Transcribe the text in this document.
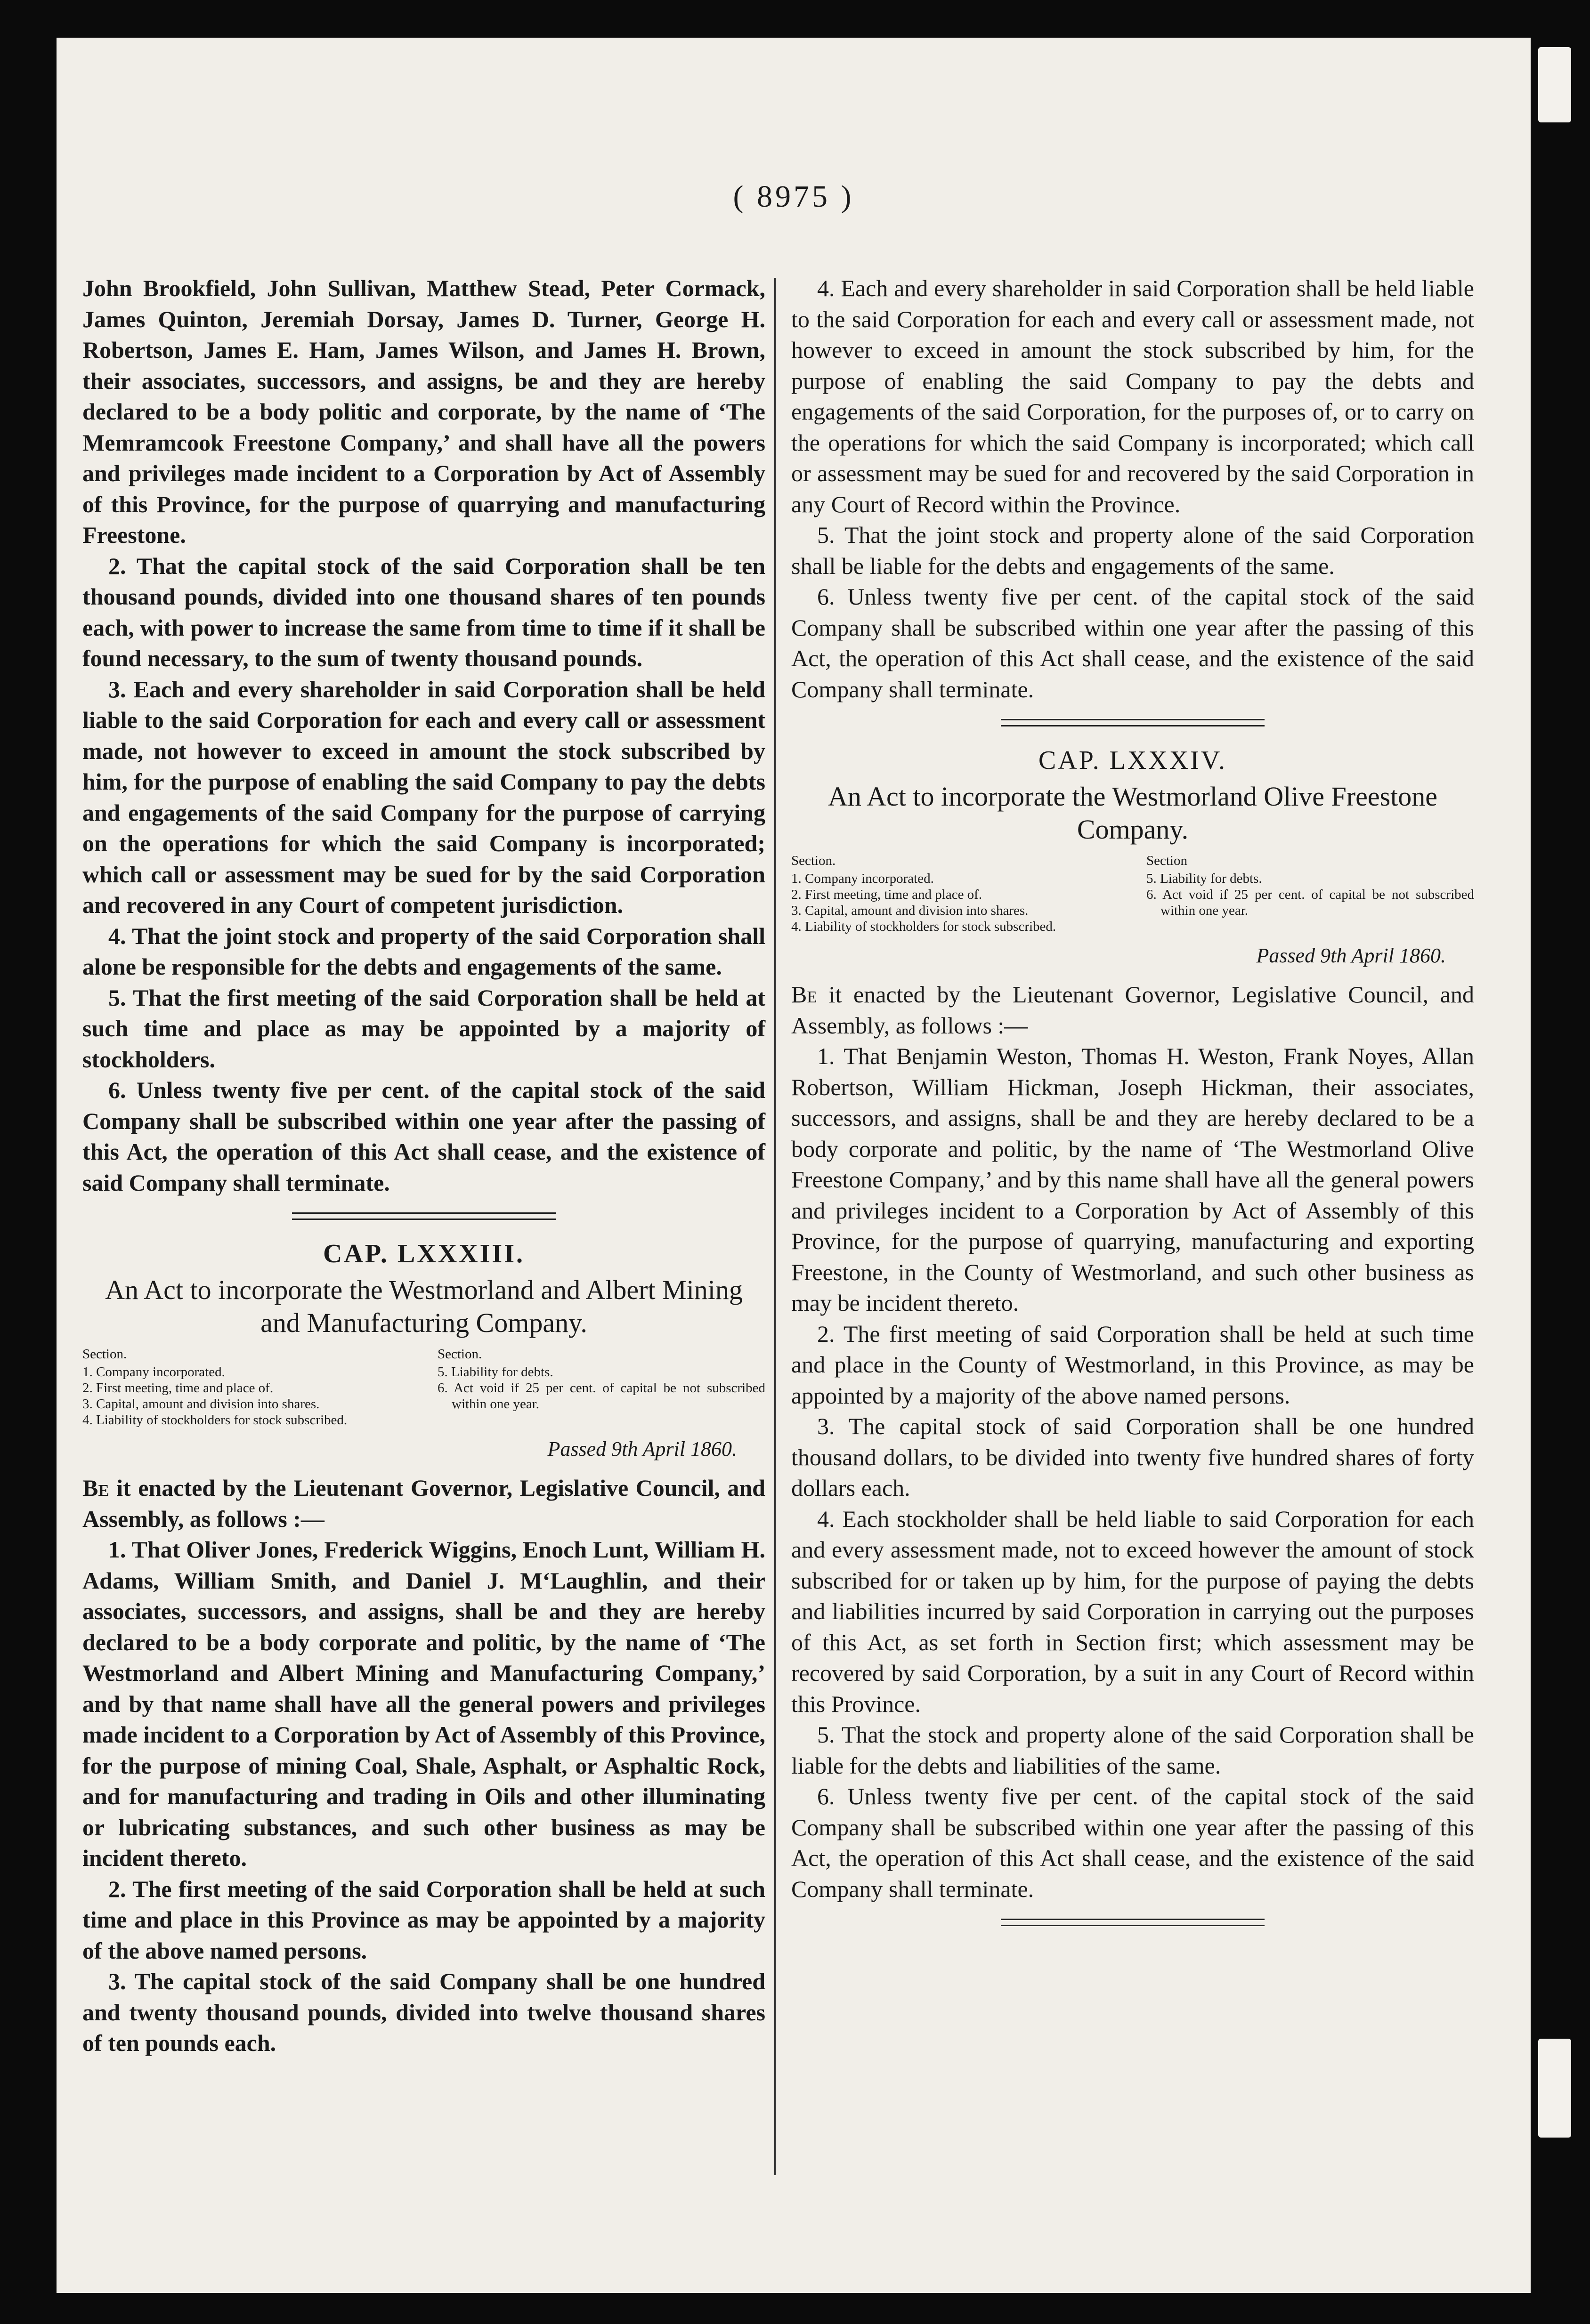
( 8975 )

John Brookfield, John Sullivan, Matthew Stead, Peter Cormack, James Quinton, Jeremiah Dorsay, James D. Turner, George H. Robertson, James E. Ham, James Wilson, and James H. Brown, their associates, successors, and assigns, be and they are hereby declared to be a body politic and corporate, by the name of ‘The Memramcook Freestone Company,’ and shall have all the powers and privileges made incident to a Corporation by Act of Assembly of this Province, for the purpose of quarrying and manufacturing Freestone.

2. That the capital stock of the said Corporation shall be ten thousand pounds, divided into one thousand shares of ten pounds each, with power to increase the same from time to time if it shall be found necessary, to the sum of twenty thousand pounds.

3. Each and every shareholder in said Corporation shall be held liable to the said Corporation for each and every call or assessment made, not however to exceed in amount the stock subscribed by him, for the purpose of enabling the said Company to pay the debts and engagements of the said Company for the purpose of carrying on the operations for which the said Company is incorporated; which call or assessment may be sued for by the said Corporation and recovered in any Court of competent jurisdiction.

4. That the joint stock and property of the said Corporation shall alone be responsible for the debts and engagements of the same.

5. That the first meeting of the said Corporation shall be held at such time and place as may be appointed by a majority of stockholders.

6. Unless twenty five per cent. of the capital stock of the said Company shall be subscribed within one year after the passing of this Act, the operation of this Act shall cease, and the existence of said Company shall terminate.

CAP. LXXXIII.
An Act to incorporate the Westmorland and Albert Mining and Manufacturing Company.
Section.
1. Company incorporated.
2. First meeting, time and place of.
3. Capital, amount and division into shares.
4. Liability of stockholders for stock subscribed.
Section.
5. Liability for debts.
6. Act void if 25 per cent. of capital be not subscribed within one year.
Passed 9th April 1860.

Be it enacted by the Lieutenant Governor, Legislative Council, and Assembly, as follows :—

1. That Oliver Jones, Frederick Wiggins, Enoch Lunt, William H. Adams, William Smith, and Daniel J. M‘Laughlin, and their associates, successors, and assigns, shall be and they are hereby declared to be a body corporate and politic, by the name of ‘The Westmorland and Albert Mining and Manufacturing Company,’ and by that name shall have all the general powers and privileges made incident to a Corporation by Act of Assembly of this Province, for the purpose of mining Coal, Shale, Asphalt, or Asphaltic Rock, and for manufacturing and trading in Oils and other illuminating or lubricating substances, and such other business as may be incident thereto.

2. The first meeting of the said Corporation shall be held at such time and place in this Province as may be appointed by a majority of the above named persons.

3. The capital stock of the said Company shall be one hundred and twenty thousand pounds, divided into twelve thousand shares of ten pounds each.

4. Each and every shareholder in said Corporation shall be held liable to the said Corporation for each and every call or assessment made, not however to exceed in amount the stock subscribed by him, for the purpose of enabling the said Company to pay the debts and engagements of the said Corporation, for the purposes of, or to carry on the operations for which the said Company is incorporated; which call or assessment may be sued for and recovered by the said Corporation in any Court of Record within the Province.

5. That the joint stock and property alone of the said Corporation shall be liable for the debts and engagements of the same.

6. Unless twenty five per cent. of the capital stock of the said Company shall be subscribed within one year after the passing of this Act, the operation of this Act shall cease, and the existence of the said Company shall terminate.

CAP. LXXXIV.
An Act to incorporate the Westmorland Olive Freestone Company.
Section.
1. Company incorporated.
2. First meeting, time and place of.
3. Capital, amount and division into shares.
4. Liability of stockholders for stock subscribed.
Section
5. Liability for debts.
6. Act void if 25 per cent. of capital be not subscribed within one year.
Passed 9th April 1860.

Be it enacted by the Lieutenant Governor, Legislative Council, and Assembly, as follows :—

1. That Benjamin Weston, Thomas H. Weston, Frank Noyes, Allan Robertson, William Hickman, Joseph Hickman, their associates, successors, and assigns, shall be and they are hereby declared to be a body corporate and politic, by the name of ‘The Westmorland Olive Freestone Company,’ and by this name shall have all the general powers and privileges incident to a Corporation by Act of Assembly of this Province, for the purpose of quarrying, manufacturing and exporting Freestone, in the County of Westmorland, and such other business as may be incident thereto.

2. The first meeting of said Corporation shall be held at such time and place in the County of Westmorland, in this Province, as may be appointed by a majority of the above named persons.

3. The capital stock of said Corporation shall be one hundred thousand dollars, to be divided into twenty five hundred shares of forty dollars each.

4. Each stockholder shall be held liable to said Corporation for each and every assessment made, not to exceed however the amount of stock subscribed for or taken up by him, for the purpose of paying the debts and liabilities incurred by said Corporation in carrying out the purposes of this Act, as set forth in Section first; which assessment may be recovered by said Corporation, by a suit in any Court of Record within this Province.

5. That the stock and property alone of the said Corporation shall be liable for the debts and liabilities of the same.

6. Unless twenty five per cent. of the capital stock of the said Company shall be subscribed within one year after the passing of this Act, the operation of this Act shall cease, and the existence of the said Company shall terminate.
